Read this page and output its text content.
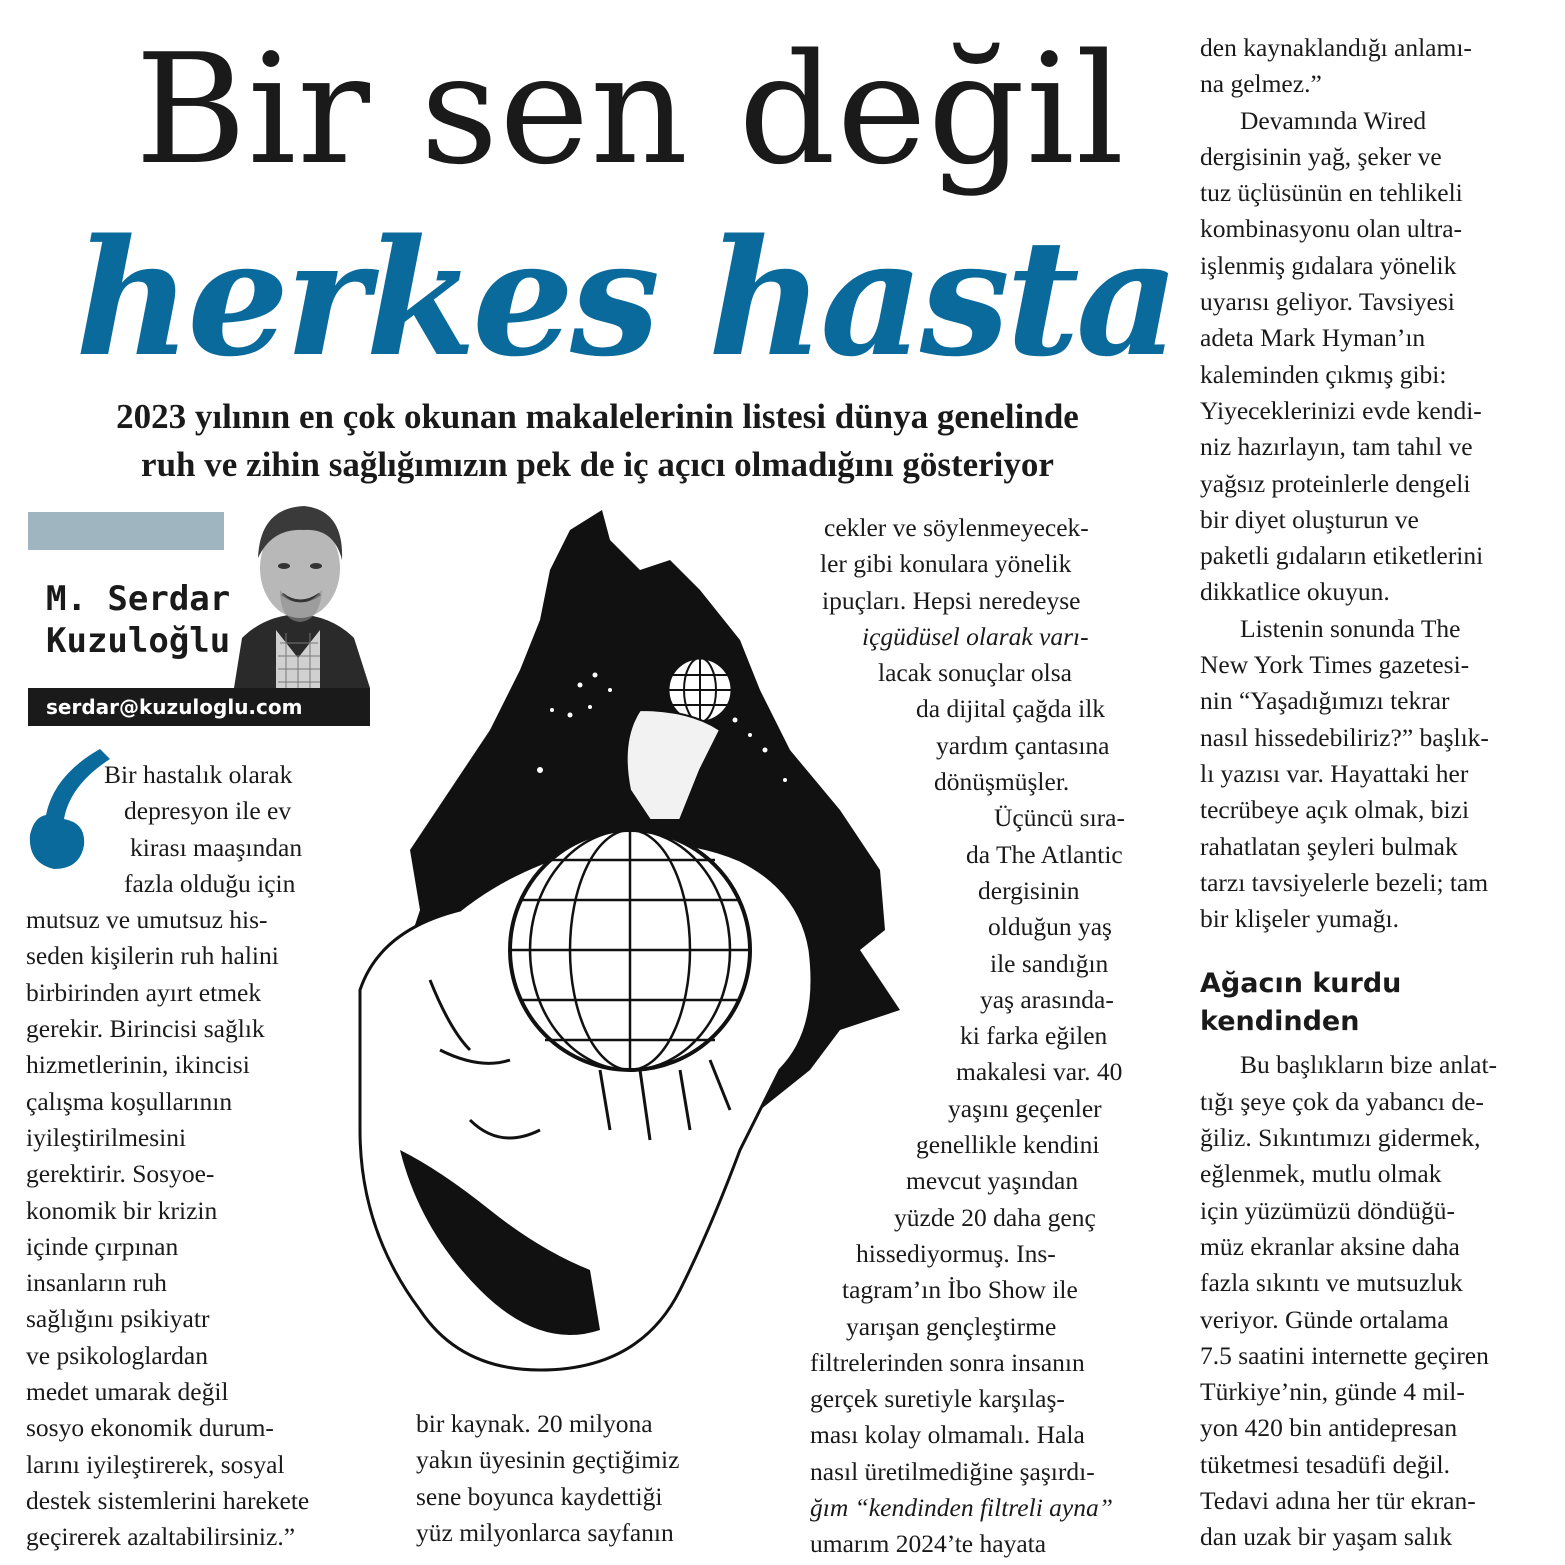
Bir sen değil
herkes hasta
2023 yılının en çok okunan makalelerinin listesi dünya genelinde
ruh ve zihin sağlığımızın pek de iç açıcı olmadığını gösteriyor
M. Serdar
Kuzuloğlu
serdar@kuzuloglu.com

Bir hastalık olarak

depresyon ile ev

kirası maaşından

fazla olduğu için

mutsuz ve umutsuz his-

seden kişilerin ruh halini

birbirinden ayırt etmek

gerekir. Birincisi sağlık

hizmetlerinin, ikincisi

çalışma koşullarının

iyileştirilmesini

gerektirir. Sosyoe-

konomik bir krizin

içinde çırpınan

insanların ruh

sağlığını psikiyatr

ve psikologlardan

medet umarak değil

sosyo ekonomik durum-

larını iyileştirerek, sosyal

destek sistemlerini harekete

geçirerek azaltabilirsiniz.”

bir kaynak. 20 milyona

yakın üyesinin geçtiğimiz

sene boyunca kaydettiği

yüz milyonlarca sayfanın

cekler ve söylenmeyecek-

ler gibi konulara yönelik

ipuçları. Hepsi neredeyse

içgüdüsel olarak varı-

lacak sonuçlar olsa

da dijital çağda ilk

yardım çantasına

dönüşmüşler.

Üçüncü sıra-

da The Atlantic

dergisinin

olduğun yaş

ile sandığın

yaş arasında-

ki farka eğilen

makalesi var. 40

yaşını geçenler

genellikle kendini

mevcut yaşından

yüzde 20 daha genç

hissediyormuş. Ins-

tagram’ın İbo Show ile

yarışan gençleştirme

filtrelerinden sonra insanın

gerçek suretiyle karşılaş-

ması kolay olmamalı. Hala

nasıl üretilmediğine şaşırdı-

ğım “kendinden filtreli ayna”

umarım 2024’te hayata

den kaynaklandığı anlamı-

na gelmez.”

Devamında Wired

dergisinin yağ, şeker ve

tuz üçlüsünün en tehlikeli

kombinasyonu olan ultra-

işlenmiş gıdalara yönelik

uyarısı geliyor. Tavsiyesi

adeta Mark Hyman’ın

kaleminden çıkmış gibi:

Yiyeceklerinizi evde kendi-

niz hazırlayın, tam tahıl ve

yağsız proteinlerle dengeli

bir diyet oluşturun ve

paketli gıdaların etiketlerini

dikkatlice okuyun.

Listenin sonunda The

New York Times gazetesi-

nin “Yaşadığımızı tekrar

nasıl hissedebiliriz?” başlık-

lı yazısı var. Hayattaki her

tecrübeye açık olmak, bizi

rahatlatan şeyleri bulmak

tarzı tavsiyelerle bezeli; tam

bir klişeler yumağı.

Ağacın kurdu

kendinden

Bu başlıkların bize anlat-

tığı şeye çok da yabancı de-

ğiliz. Sıkıntımızı gidermek,

eğlenmek, mutlu olmak

için yüzümüzü döndüğü-

müz ekranlar aksine daha

fazla sıkıntı ve mutsuzluk

veriyor. Günde ortalama

7.5 saatini internette geçiren

Türkiye’nin, günde 4 mil-

yon 420 bin antidepresan

tüketmesi tesadüfi değil.

Tedavi adına her tür ekran-

dan uzak bir yaşam salık
